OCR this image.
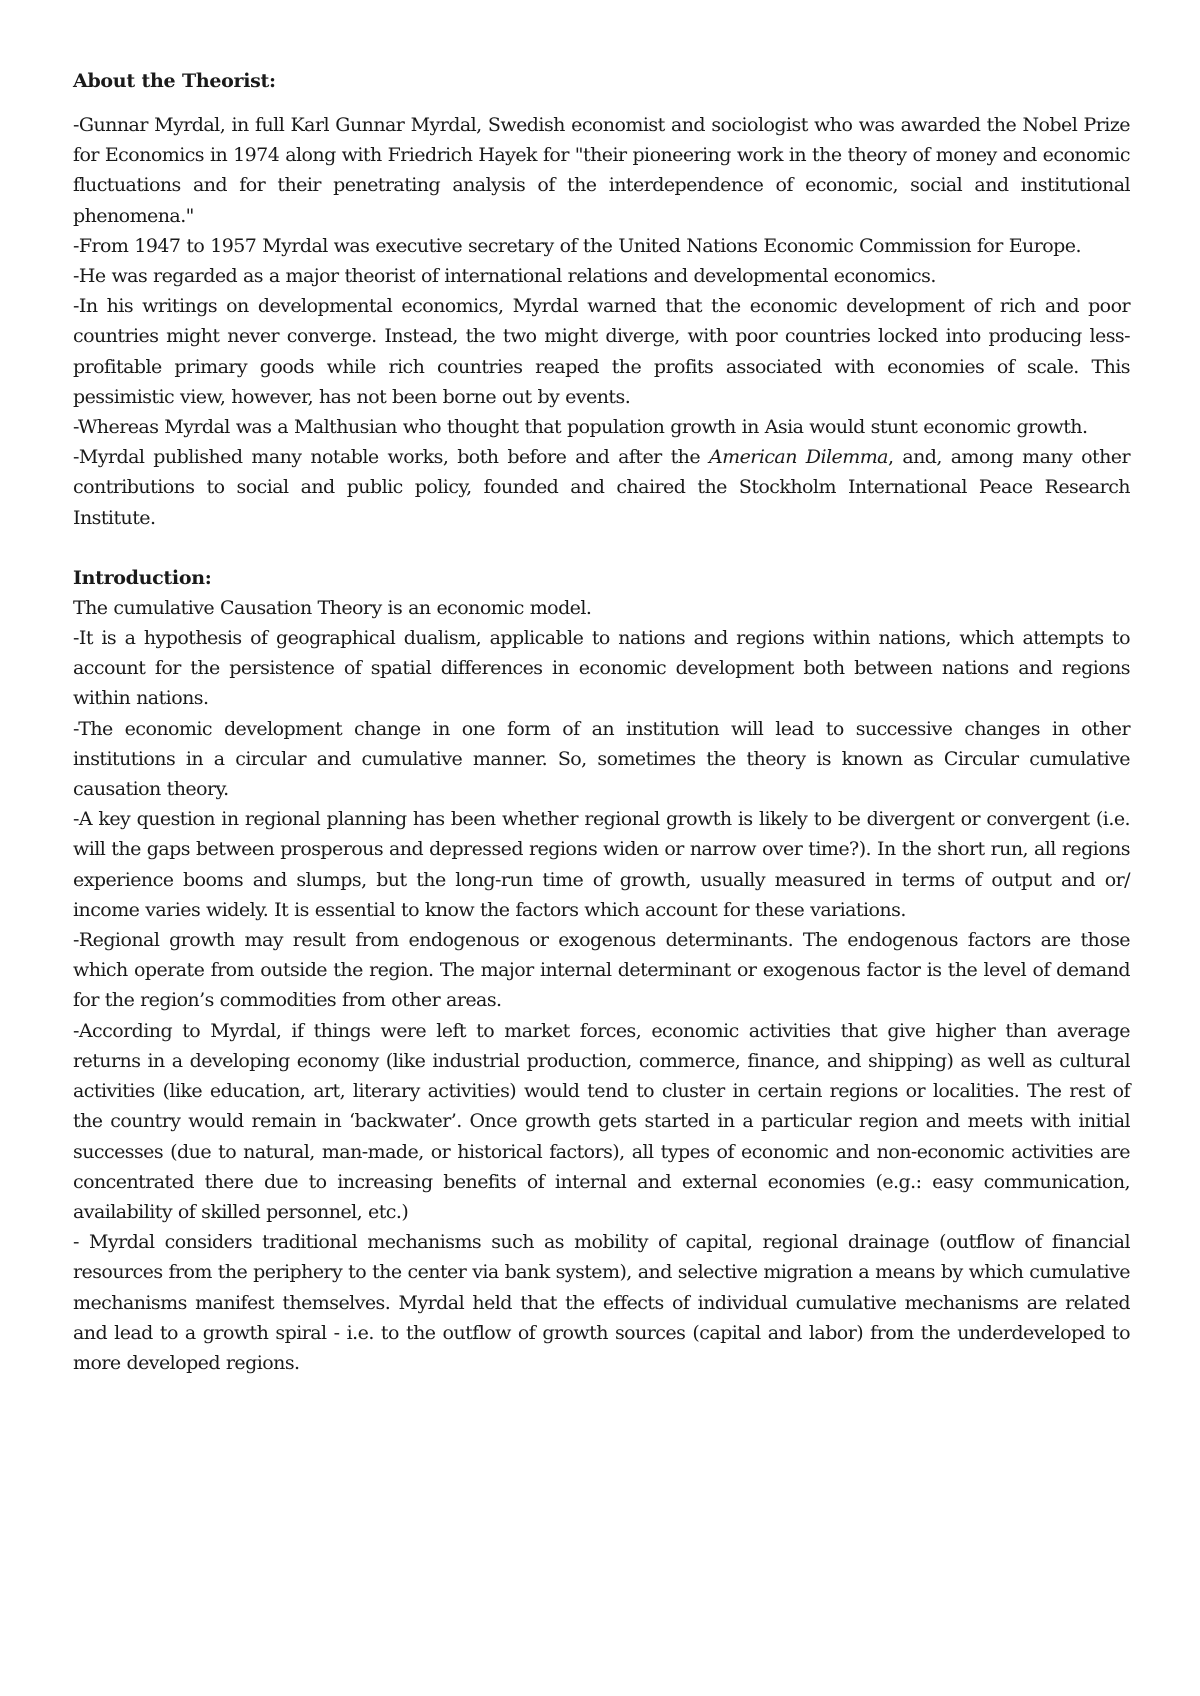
About the Theorist:

-Gunnar Myrdal, in full Karl Gunnar Myrdal, Swedish economist and sociologist who was awarded the Nobel Prize for Economics in 1974 along with Friedrich Hayek for "their pioneering work in the theory of money and economic fluctuations and for their penetrating analysis of the interdependence of economic, social and institutional phenomena."

-From 1947 to 1957 Myrdal was executive secretary of the United Nations Economic Commission for Europe.

-He was regarded as a major theorist of international relations and developmental economics.

-In his writings on developmental economics, Myrdal warned that the economic development of rich and poor countries might never converge. Instead, the two might diverge, with poor countries locked into producing less-profitable primary goods while rich countries reaped the profits associated with economies of scale. This pessimistic view, however, has not been borne out by events.

-Whereas Myrdal was a Malthusian who thought that population growth in Asia would stunt economic growth.

-Myrdal published many notable works, both before and after the American Dilemma, and, among many other contributions to social and public policy, founded and chaired the Stockholm International Peace Research Institute.

Introduction:

The cumulative Causation Theory is an economic model.

-It is a hypothesis of geographical dualism, applicable to nations and regions within nations, which attempts to account for the persistence of spatial differences in economic development both between nations and regions within nations.

-The economic development change in one form of an institution will lead to successive changes in other institutions in a circular and cumulative manner. So, sometimes the theory is known as Circular cumulative causation theory.

-A key question in regional planning has been whether regional growth is likely to be divergent or convergent (i.e. will the gaps between prosperous and depressed regions widen or narrow over time?). In the short run, all regions experience booms and slumps, but the long-run time of growth, usually measured in terms of output and or/ income varies widely. It is essential to know the factors which account for these variations.

-Regional growth may result from endogenous or exogenous determinants. The endogenous factors are those which operate from outside the region. The major internal determinant or exogenous factor is the level of demand for the region’s commodities from other areas.

-According to Myrdal, if things were left to market forces, economic activities that give higher than average returns in a developing economy (like industrial production, commerce, finance, and shipping) as well as cultural activities (like education, art, literary activities) would tend to cluster in certain regions or localities. The rest of the country would remain in ‘backwater’. Once growth gets started in a particular region and meets with initial successes (due to natural, man-made, or historical factors), all types of economic and non-economic activities are concentrated there due to increasing benefits of internal and external economies (e.g.: easy communication, availability of skilled personnel, etc.)

- Myrdal considers traditional mechanisms such as mobility of capital, regional drainage (outflow of financial resources from the periphery to the center via bank system), and selective migration a means by which cumulative mechanisms manifest themselves. Myrdal held that the effects of individual cumulative mechanisms are related and lead to a growth spiral - i.e. to the outflow of growth sources (capital and labor) from the underdeveloped to more developed regions.
